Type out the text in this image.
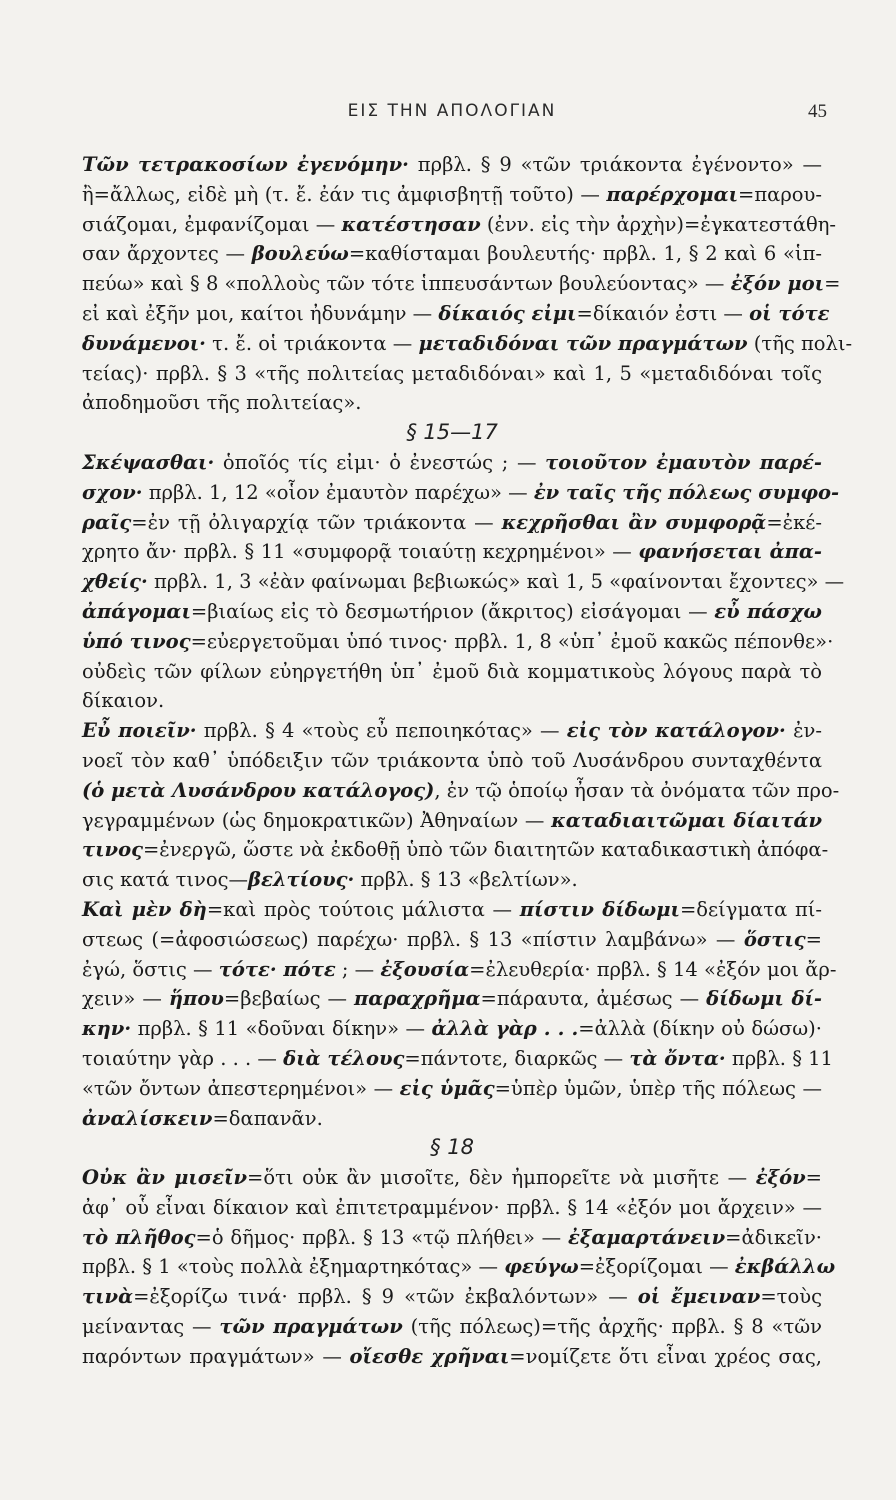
ΕΙΣ ΤΗΝ ΑΠΟΛΟΓΙΑΝ	45

Τῶν τετρακοσίων ἐγενόμην· πρβλ. § 9 «τῶν τριάκοντα ἐγένοντο» —

ἢ=ἄλλως, εἰδὲ μὴ (τ. ἔ. ἐάν τις ἀμφισβητῇ τοῦτο) — παρέρχομαι=παρου-

σιάζομαι, ἐμφανίζομαι — κατέστησαν (ἐνν. εἰς τὴν ἀρχὴν)=ἐγκατεστάθη-

σαν ἄρχοντες — βουλεύω=καθίσταμαι βουλευτής· πρβλ. 1, § 2 καὶ 6 «ἱπ-

πεύω» καὶ § 8 «πολλοὺς τῶν τότε ἱππευσάντων βουλεύοντας» — ἐξόν μοι=

εἰ καὶ ἐξῆν μοι, καίτοι ἠδυνάμην — δίκαιός εἰμι=δίκαιόν ἐστι — οἱ τότε

δυνάμενοι· τ. ἔ. οἱ τριάκοντα — μεταδιδόναι τῶν πραγμάτων (τῆς πολι-

τείας)· πρβλ. § 3 «τῆς πολιτείας μεταδιδόναι» καὶ 1, 5 «μεταδιδόναι τοῖς

ἀποδημοῦσι τῆς πολιτείας».

§ 15—17

Σκέψασθαι· ὁποῖός τίς εἰμι· ὁ ἐνεστώς ; — τοιοῦτον ἐμαυτὸν παρέ-

σχον· πρβλ. 1, 12 «οἷον ἐμαυτὸν παρέχω» — ἐν ταῖς τῆς πόλεως συμφο-

ραῖς=ἐν τῇ ὀλιγαρχίᾳ τῶν τριάκοντα — κεχρῆσθαι ἂν συμφορᾷ=ἐκέ-

χρητο ἄν· πρβλ. § 11 «συμφορᾷ τοιαύτῃ κεχρημένοι» — φανήσεται ἀπα-

χθείς· πρβλ. 1, 3 «ἐὰν φαίνωμαι βεβιωκώς» καὶ 1, 5 «φαίνονται ἔχοντες» —

ἀπάγομαι=βιαίως εἰς τὸ δεσμωτήριον (ἄκριτος) εἰσάγομαι — εὖ πάσχω

ὑπό τινος=εὐεργετοῦμαι ὑπό τινος· πρβλ. 1, 8 «ὑπ᾽ ἐμοῦ κακῶς πέπονθε»·

οὐδεὶς τῶν φίλων εὐηργετήθη ὑπ᾽ ἐμοῦ διὰ κομματικοὺς λόγους παρὰ τὸ

δίκαιον.

Εὖ ποιεῖν· πρβλ. § 4 «τοὺς εὖ πεποιηκότας» — εἰς τὸν κατάλογον· ἐν-

νοεῖ τὸν καθ᾽ ὑπόδειξιν τῶν τριάκοντα ὑπὸ τοῦ Λυσάνδρου συνταχθέντα

(ὁ μετὰ Λυσάνδρου κατάλογος), ἐν τῷ ὁποίῳ ἦσαν τὰ ὀνόματα τῶν προ-

γεγραμμένων (ὡς δημοκρατικῶν) Ἀθηναίων — καταδιαιτῶμαι δίαιτάν

τινος=ἐνεργῶ, ὥστε νὰ ἐκδοθῇ ὑπὸ τῶν διαιτητῶν καταδικαστικὴ ἀπόφα-

σις κατά τινος—βελτίους· πρβλ. § 13 «βελτίων».

Καὶ μὲν δὴ=καὶ πρὸς τούτοις μάλιστα — πίστιν δίδωμι=δείγματα πί-

στεως (=ἀφοσιώσεως) παρέχω· πρβλ. § 13 «πίστιν λαμβάνω» — ὅστις=

ἐγώ, ὅστις — τότε· πότε ; — ἐξουσία=ἐλευθερία· πρβλ. § 14 «ἐξόν μοι ἄρ-

χειν» — ἥπου=βεβαίως — παραχρῆμα=πάραυτα, ἀμέσως — δίδωμι δί-

κην· πρβλ. § 11 «δοῦναι δίκην» — ἀλλὰ γὰρ . . .=ἀλλὰ (δίκην οὐ δώσω)·

τοιαύτην γὰρ . . . — διὰ τέλους=πάντοτε, διαρκῶς — τὰ ὄντα· πρβλ. § 11

«τῶν ὄντων ἀπεστερημένοι» — εἰς ὑμᾶς=ὑπὲρ ὑμῶν, ὑπὲρ τῆς πόλεως —

ἀναλίσκειν=δαπανᾶν.

§ 18

Οὐκ ἂν μισεῖν=ὅτι οὐκ ἂν μισοῖτε, δὲν ἠμπορεῖτε νὰ μισῆτε — ἐξόν=

ἀφ᾽ οὗ εἶναι δίκαιον καὶ ἐπιτετραμμένον· πρβλ. § 14 «ἐξόν μοι ἄρχειν» —

τὸ πλῆθος=ὁ δῆμος· πρβλ. § 13 «τῷ πλήθει» — ἐξαμαρτάνειν=ἀδικεῖν·

πρβλ. § 1 «τοὺς πολλὰ ἐξημαρτηκότας» — φεύγω=ἐξορίζομαι — ἐκβάλλω

τινὰ=ἐξορίζω τινά· πρβλ. § 9 «τῶν ἐκβαλόντων» — οἱ ἔμειναν=τοὺς

μείναντας — τῶν πραγμάτων (τῆς πόλεως)=τῆς ἀρχῆς· πρβλ. § 8 «τῶν

παρόντων πραγμάτων» — οἴεσθε χρῆναι=νομίζετε ὅτι εἶναι χρέος σας,
